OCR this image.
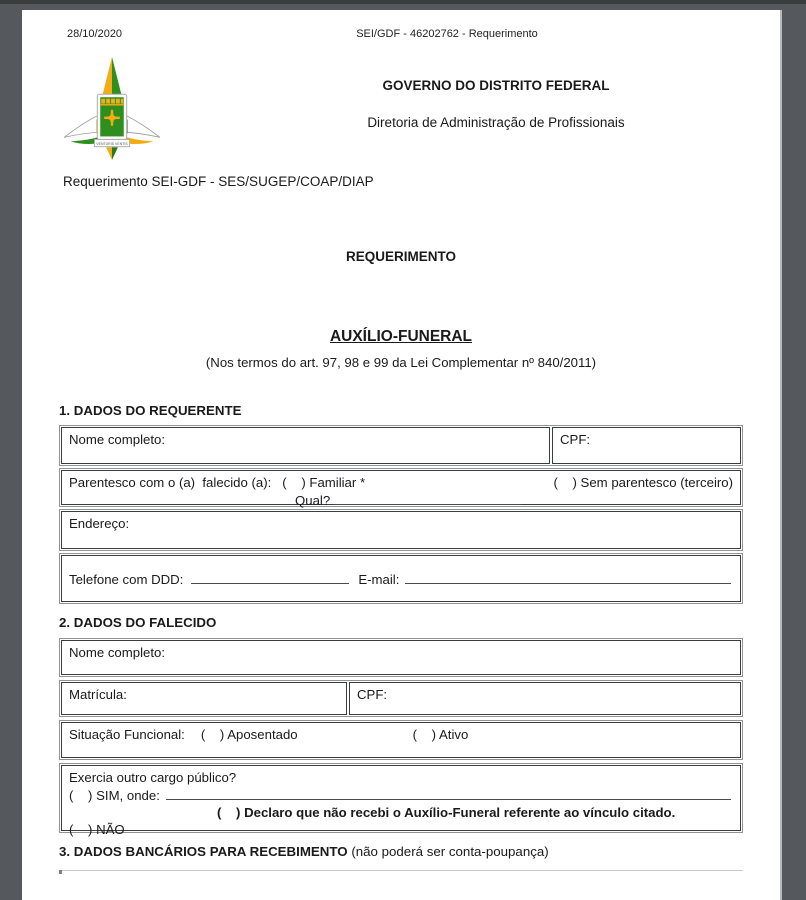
28/10/2020	SEI/GDF - 46202762 - Requerimento
VENTURIS VENTIS
GOVERNO DO DISTRITO FEDERAL
Diretoria de Administração de Profissionais
Requerimento SEI-GDF - SES/SUGEP/COAP/DIAP
REQUERIMENTO
AUXÍLIO-FUNERAL
(Nos termos do art. 97, 98 e 99 da Lei Complementar nº 840/2011)
1. DADOS DO REQUERENTE
Nome completo:	CPF:
Parentesco com o (a)  falecido (a):   (    ) Familiar *	(    ) Sem parentesco (terceiro)
Qual?
Endereço:
Telefone com DDD:	E-mail:
2. DADOS DO FALECIDO
Nome completo:
Matrícula:	CPF:
Situação Funcional: (    ) Aposentado	(    ) Ativo
Exercia outro cargo público?
(    ) SIM, onde:
(    ) Declaro que não recebi o Auxílio-Funeral referente ao vínculo citado.
(    ) NÃO
3. DADOS BANCÁRIOS PARA RECEBIMENTO (não poderá ser conta-poupança)
